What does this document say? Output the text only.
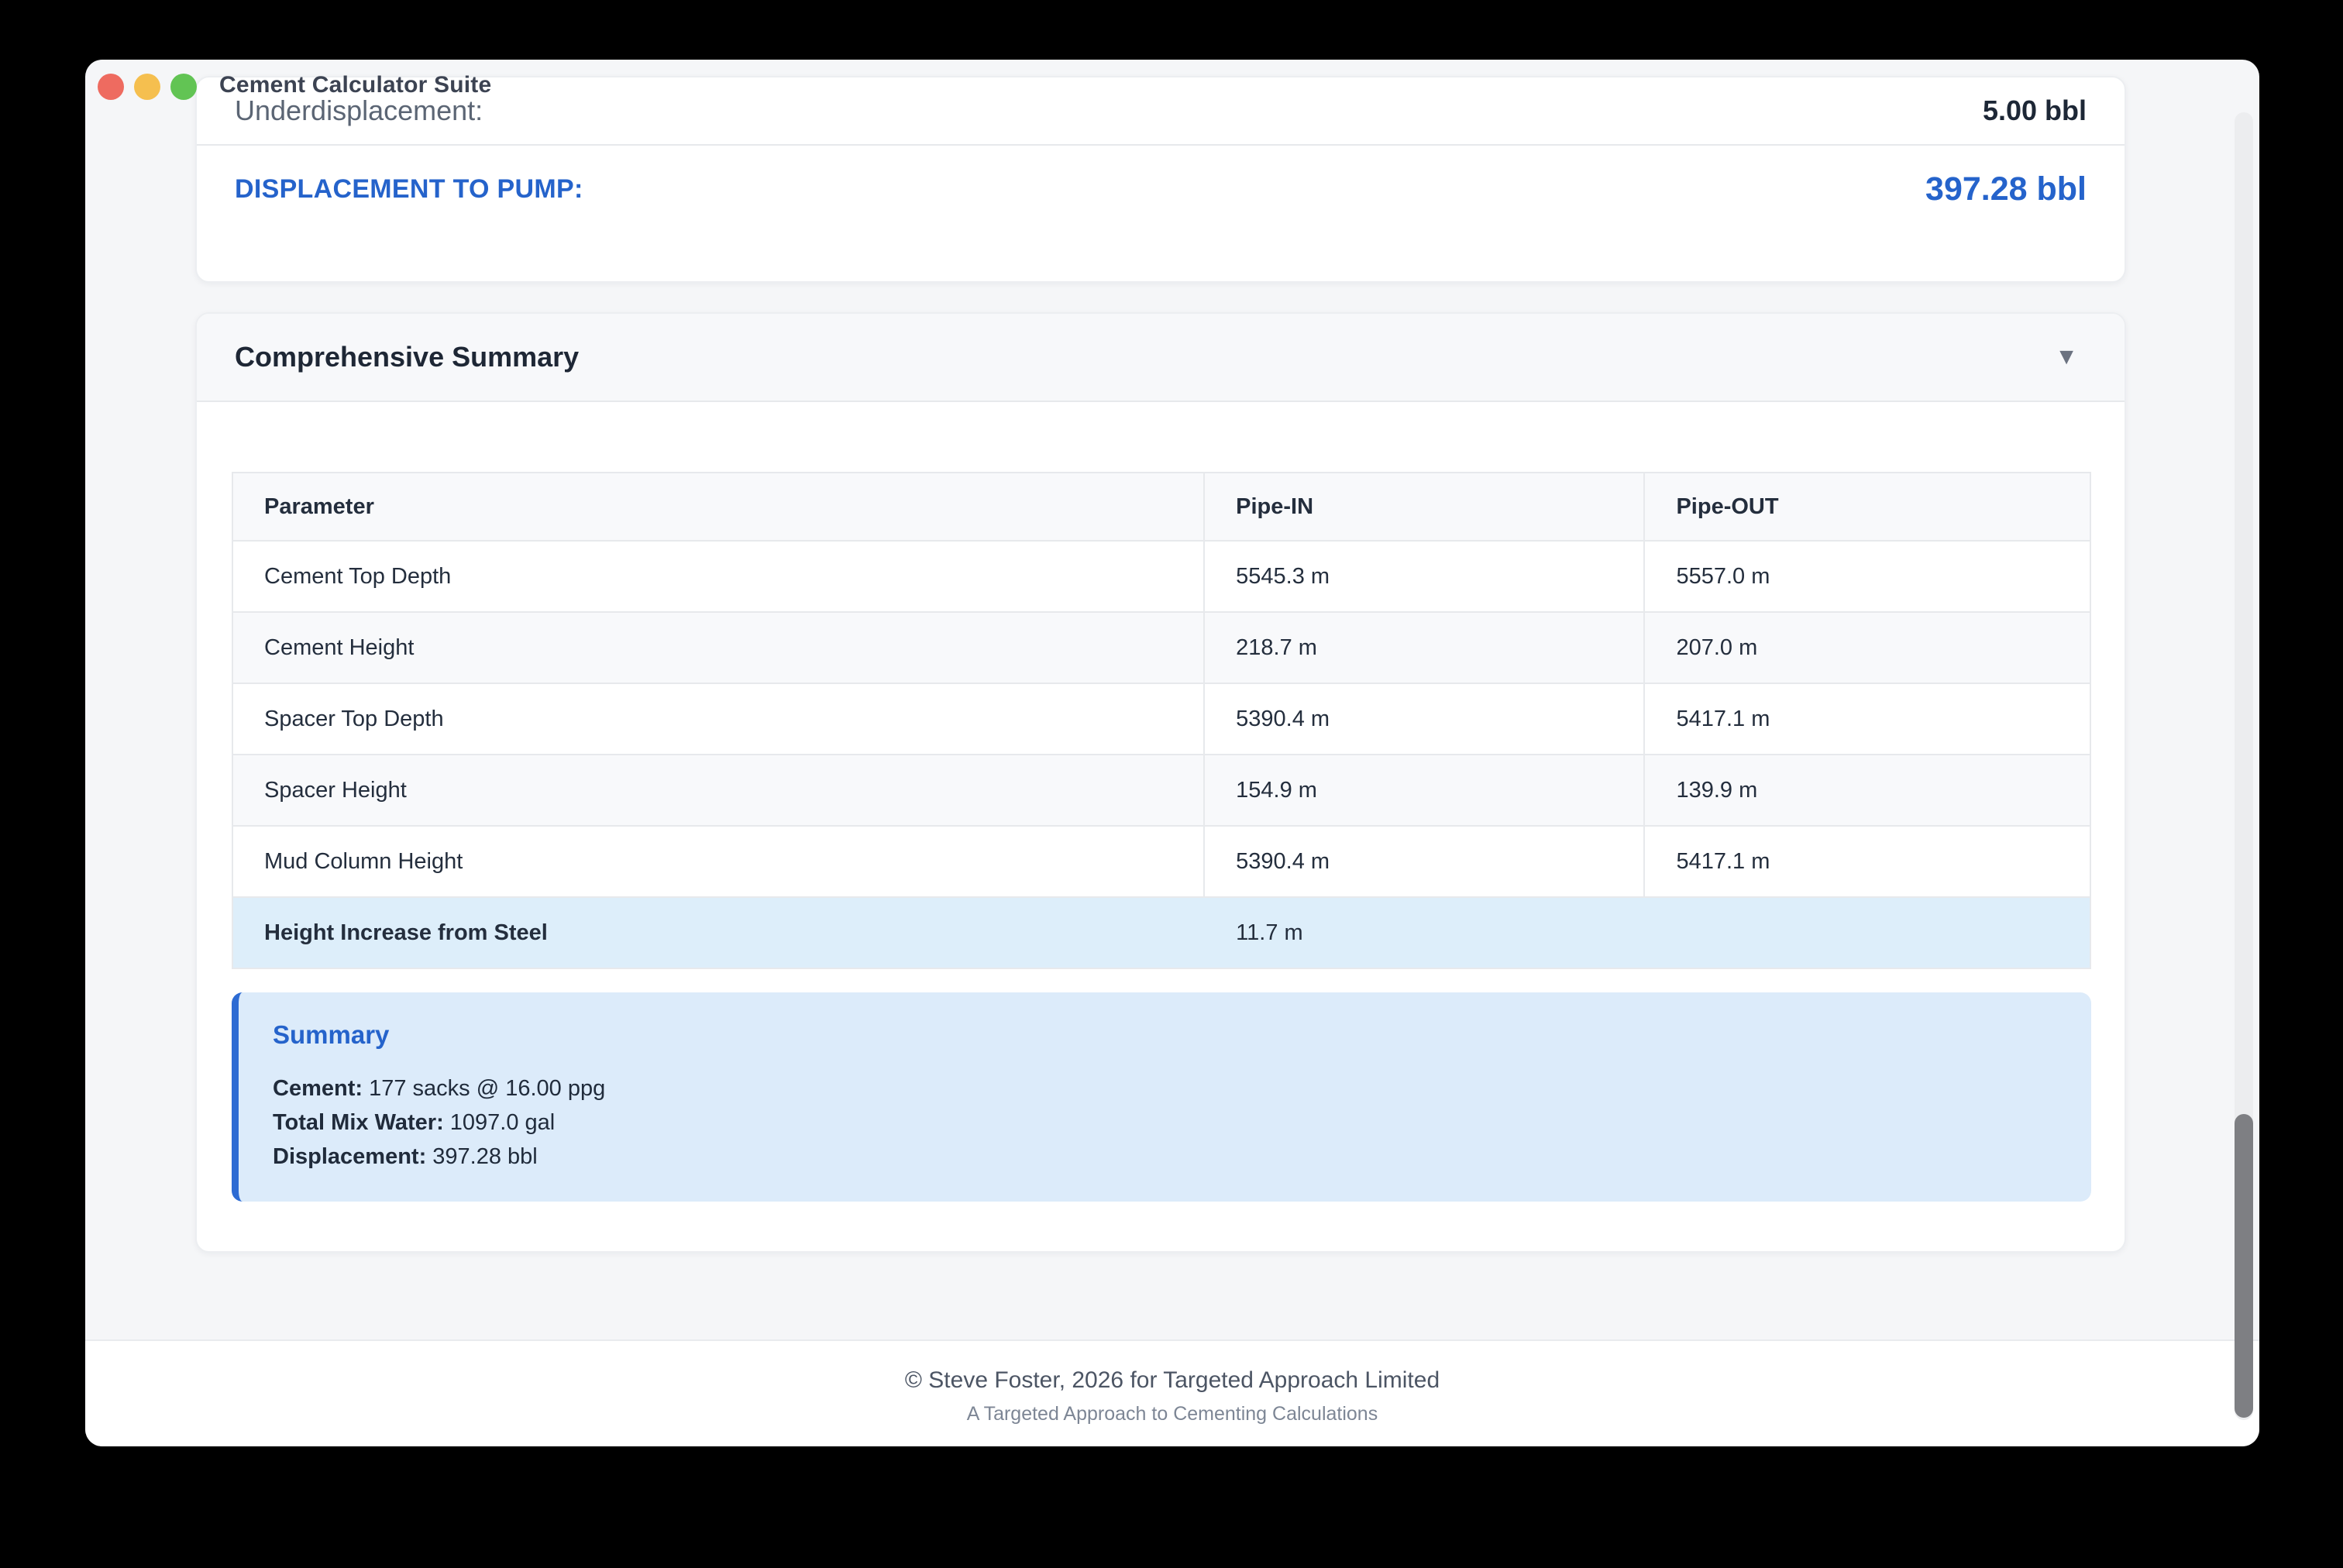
Cement Calculator Suite
Underdisplacement:	5.00 bbl
DISPLACEMENT TO PUMP:	397.28 bbl
Comprehensive Summary	▼
Parameter	Pipe-IN	Pipe-OUT
Cement Top Depth	5545.3 m	5557.0 m
Cement Height	218.7 m	207.0 m
Spacer Top Depth	5390.4 m	5417.1 m
Spacer Height	154.9 m	139.9 m
Mud Column Height	5390.4 m	5417.1 m
Height Increase from Steel	11.7 m	
Summary
Cement: 177 sacks @ 16.00 ppg
Total Mix Water: 1097.0 gal
Displacement: 397.28 bbl
© Steve Foster, 2026 for Targeted Approach Limited
A Targeted Approach to Cementing Calculations
